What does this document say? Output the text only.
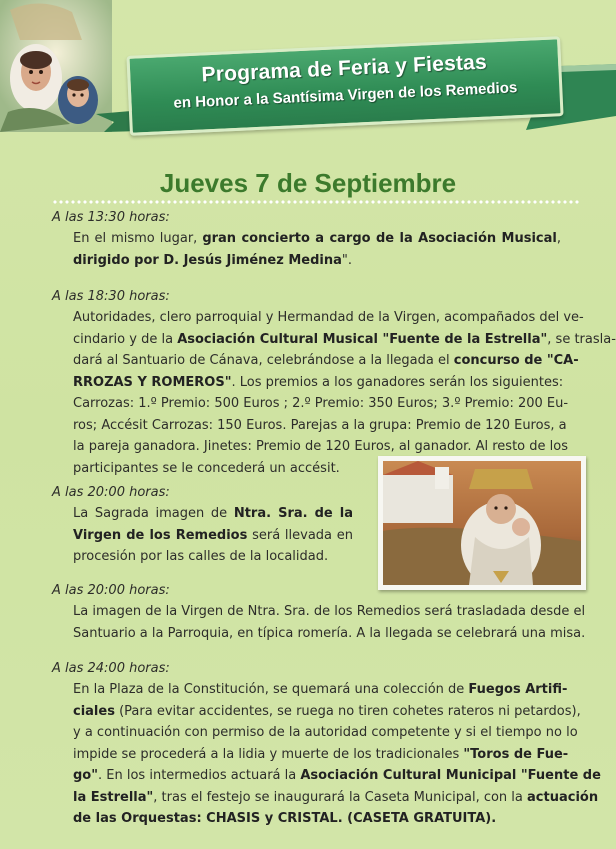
Programa de Feria y Fiestas
en Honor a la Santísima Virgen de los Remedios
Jueves 7 de Septiembre
A las 13:30 horas:
En el mismo lugar, gran concierto a cargo de la Asociación Musical,
dirigido por D. Jesús Jiménez Medina".
A las 18:30 horas:
Autoridades, clero parroquial y Hermandad de la Virgen, acompañados del ve-
cindario y de la Asociación Cultural Musical "Fuente de la Estrella", se trasla-
dará al Santuario de Cánava, celebrándose a la llegada el concurso de "CA-
RROZAS Y ROMEROS". Los premios a los ganadores serán los siguientes:
Carrozas: 1.º Premio: 500 Euros ; 2.º Premio: 350 Euros; 3.º Premio: 200 Eu-
ros; Accésit Carrozas: 150 Euros. Parejas a la grupa: Premio de 120 Euros, a
la pareja ganadora. Jinetes: Premio de 120 Euros, al ganador. Al resto de los
participantes se le concederá un accésit.
A las 20:00 horas:
La Sagrada imagen de Ntra. Sra. de la
Virgen de los Remedios será llevada en
procesión por las calles de la localidad.
A las 20:00 horas:
La imagen de la Virgen de Ntra. Sra. de los Remedios será trasladada desde el
Santuario a la Parroquia, en típica romería. A la llegada se celebrará una misa.
A las 24:00 horas:
En la Plaza de la Constitución, se quemará una colección de Fuegos Artifi-
ciales (Para evitar accidentes, se ruega no tiren cohetes rateros ni petardos),
y a continuación con permiso de la autoridad competente y si el tiempo no lo
impide se procederá a la lidia y muerte de los tradicionales "Toros de Fue-
go". En los intermedios actuará la Asociación Cultural Municipal "Fuente de
la Estrella", tras el festejo se inaugurará la Caseta Municipal, con la actuación
de las Orquestas: CHASIS y CRISTAL. (CASETA GRATUITA).
